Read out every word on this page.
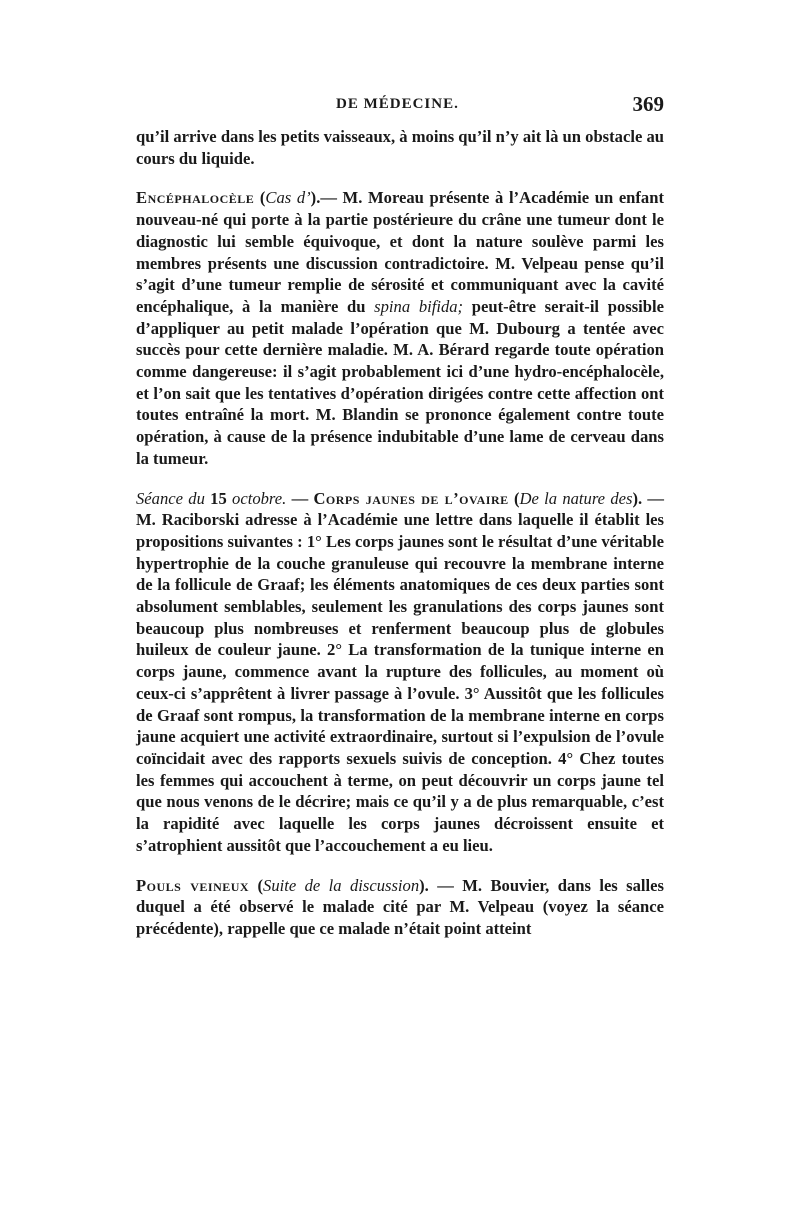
DE MÉDECINE.	369

qu’il arrive dans les petits vaisseaux, à moins qu’il n’y ait là un obstacle au cours du liquide.

Encéphalocèle (Cas d’).— M. Moreau présente à l’Académie un enfant nouveau-né qui porte à la partie postérieure du crâne une tumeur dont le diagnostic lui semble équivoque, et dont la nature soulève parmi les membres présents une discussion contradictoire. M. Velpeau pense qu’il s’agit d’une tumeur remplie de sérosité et communiquant avec la cavité encéphalique, à la manière du spina bifida; peut-être serait-il possible d’appliquer au petit malade l’opération que M. Dubourg a tentée avec succès pour cette dernière maladie. M. A. Bérard regarde toute opération comme dangereuse: il s’agit probablement ici d’une hydro-encéphalocèle, et l’on sait que les tentatives d’opération dirigées contre cette affection ont toutes entraîné la mort. M. Blandin se prononce également contre toute opération, à cause de la présence indubitable d’une lame de cerveau dans la tumeur.

Séance du 15 octobre. — Corps jaunes de l’ovaire (De la nature des). — M. Raciborski adresse à l’Académie une lettre dans laquelle il établit les propositions suivantes : 1° Les corps jaunes sont le résultat d’une véritable hypertrophie de la couche granuleuse qui recouvre la membrane interne de la follicule de Graaf; les éléments anatomiques de ces deux parties sont absolument semblables, seulement les granulations des corps jaunes sont beaucoup plus nombreuses et renferment beaucoup plus de globules huileux de couleur jaune. 2° La transformation de la tunique interne en corps jaune, commence avant la rupture des follicules, au moment où ceux-ci s’apprêtent à livrer passage à l’ovule. 3° Aussitôt que les follicules de Graaf sont rompus, la transformation de la membrane interne en corps jaune acquiert une activité extraordinaire, surtout si l’expulsion de l’ovule coïncidait avec des rapports sexuels suivis de conception. 4° Chez toutes les femmes qui accouchent à terme, on peut découvrir un corps jaune tel que nous venons de le décrire; mais ce qu’il y a de plus remarquable, c’est la rapidité avec laquelle les corps jaunes décroissent ensuite et s’atrophient aussitôt que l’accouchement a eu lieu.

Pouls veineux (Suite de la discussion). — M. Bouvier, dans les salles duquel a été observé le malade cité par M. Velpeau (voyez la séance précédente), rappelle que ce malade n’était point atteint
